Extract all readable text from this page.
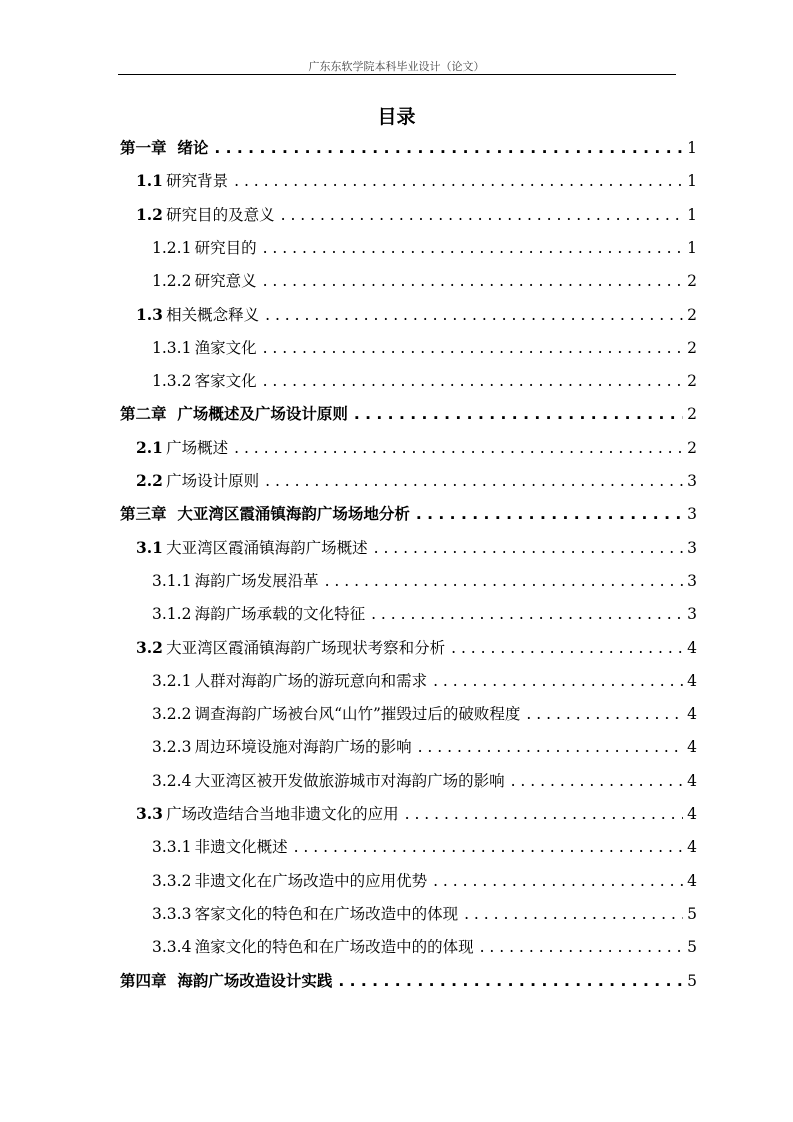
广东东软学院本科毕业设计（论文）
目录
第一章 绪论 . . .	1
1.1  研究背景 . . .	1
1.2  研究目的及意义 . . .	1
1.2.1  研究目的 . . .	1
1.2.2  研究意义 . . .	2
1.3  相关概念释义 . . .	2
1.3.1  渔家文化 . . .	2
1.3.2  客家文化 . . .	2
第二章 广场概述及广场设计原则 . . .	2
2.1  广场概述 . . .	2
2.2  广场设计原则 . . .	3
第三章 大亚湾区霞涌镇海韵广场场地分析 . . .	3
3.1  大亚湾区霞涌镇海韵广场概述 . . .	3
3.1.1  海韵广场发展沿革 . . .	3
3.1.2  海韵广场承载的文化特征 . . .	3
3.2  大亚湾区霞涌镇海韵广场现状考察和分析 . . .	4
3.2.1  人群对海韵广场的游玩意向和需求 . . .	4
3.2.2  调查海韵广场被台风“山竹”摧毁过后的破败程度 . . .	4
3.2.3  周边环境设施对海韵广场的影响 . . .	4
3.2.4  大亚湾区被开发做旅游城市对海韵广场的影响 . . .	4
3.3  广场改造结合当地非遗文化的应用 . . .	4
3.3.1  非遗文化概述 . . .	4
3.3.2  非遗文化在广场改造中的应用优势 . . .	4
3.3.3  客家文化的特色和在广场改造中的体现 . . .	5
3.3.4  渔家文化的特色和在广场改造中的的体现 . . .	5
第四章 海韵广场改造设计实践 . . .	5
